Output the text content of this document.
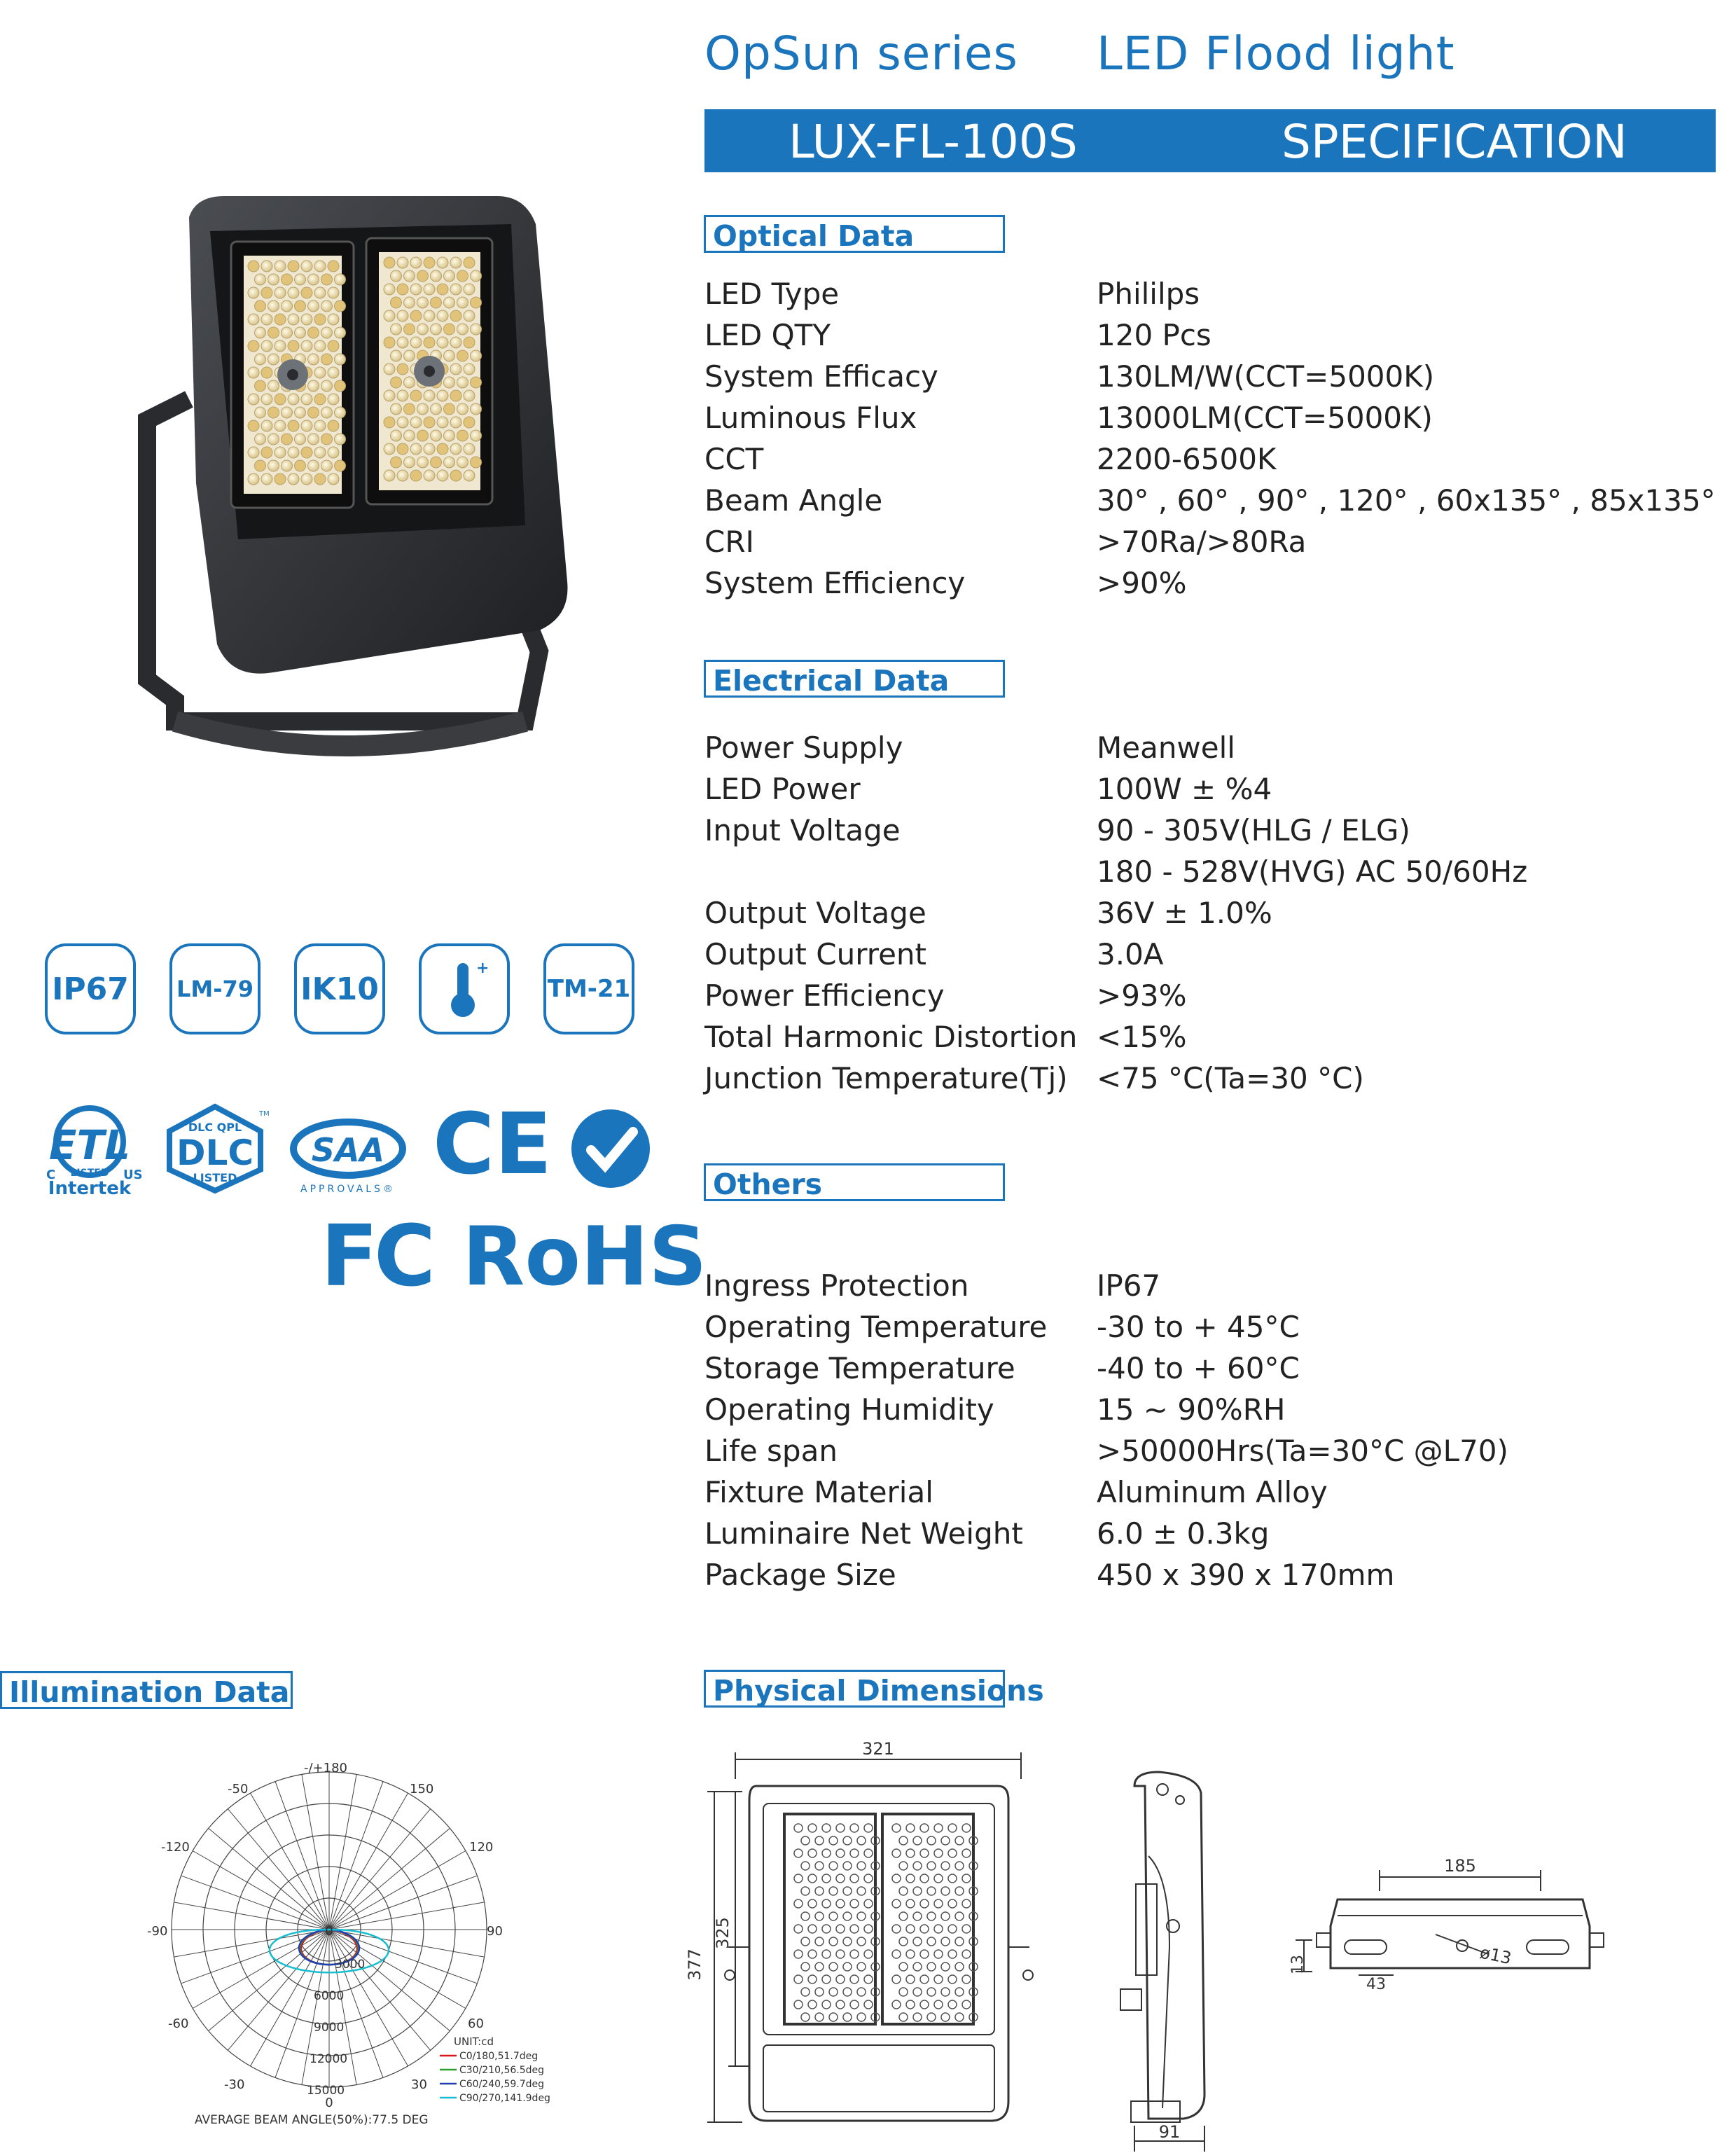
OpSun series LED Flood light
LUX-FL-100S	SPECIFICATION
IP67	LM-79 IK10
+
TM-21
ETL
C	US
LISTED
Intertek
DLC QPL
DLC
LISTED
TM
SAA
APPROVALS® CE
FC RoHS
Optical Data
LED Type	Phililps
LED QTY	120 Pcs
System Efficacy	130LM/W(CCT=5000K)
Luminous Flux	13000LM(CCT=5000K)
CCT	2200-6500K
Beam Angle	30° , 60° , 90° , 120° , 60x135° , 85x135°
CRI	>70Ra/>80Ra
System Efficiency	>90%
Electrical Data
Power Supply	Meanwell
LED Power	100W ± %4
Input Voltage	90 - 305V(HLG / ELG)
180 - 528V(HVG) AC 50/60Hz
Output Voltage	36V ± 1.0%
Output Current	3.0A
Power Efficiency	>93%
Total Harmonic Distortion <15%
Junction Temperature(Tj) <75 °C(Ta=30 °C)
Others
Ingress Protection	IP67
Operating Temperature -30 to + 45°C
Storage Temperature	-40 to + 60°C
Operating Humidity	15 ~ 90%RH
Life span	>50000Hrs(Ta=30°C @L70)
Fixture Material	Aluminum Alloy
Luminaire Net Weight	6.0 ± 0.3kg
Package Size	450 x 390 x 170mm
Illumination Data
-/+180
-50	150
-120	120
-90	90
-60	60
-30	30
0
0
3000
6000
9000
12000
15000
UNIT:cd
C0/180,51.7deg
C30/210,56.5deg
C60/240,59.7deg
C90/270,141.9deg
AVERAGE BEAM ANGLE(50%):77.5 DEG
Physical Dimensions
321
377
325
91
185
ø13
13
43
